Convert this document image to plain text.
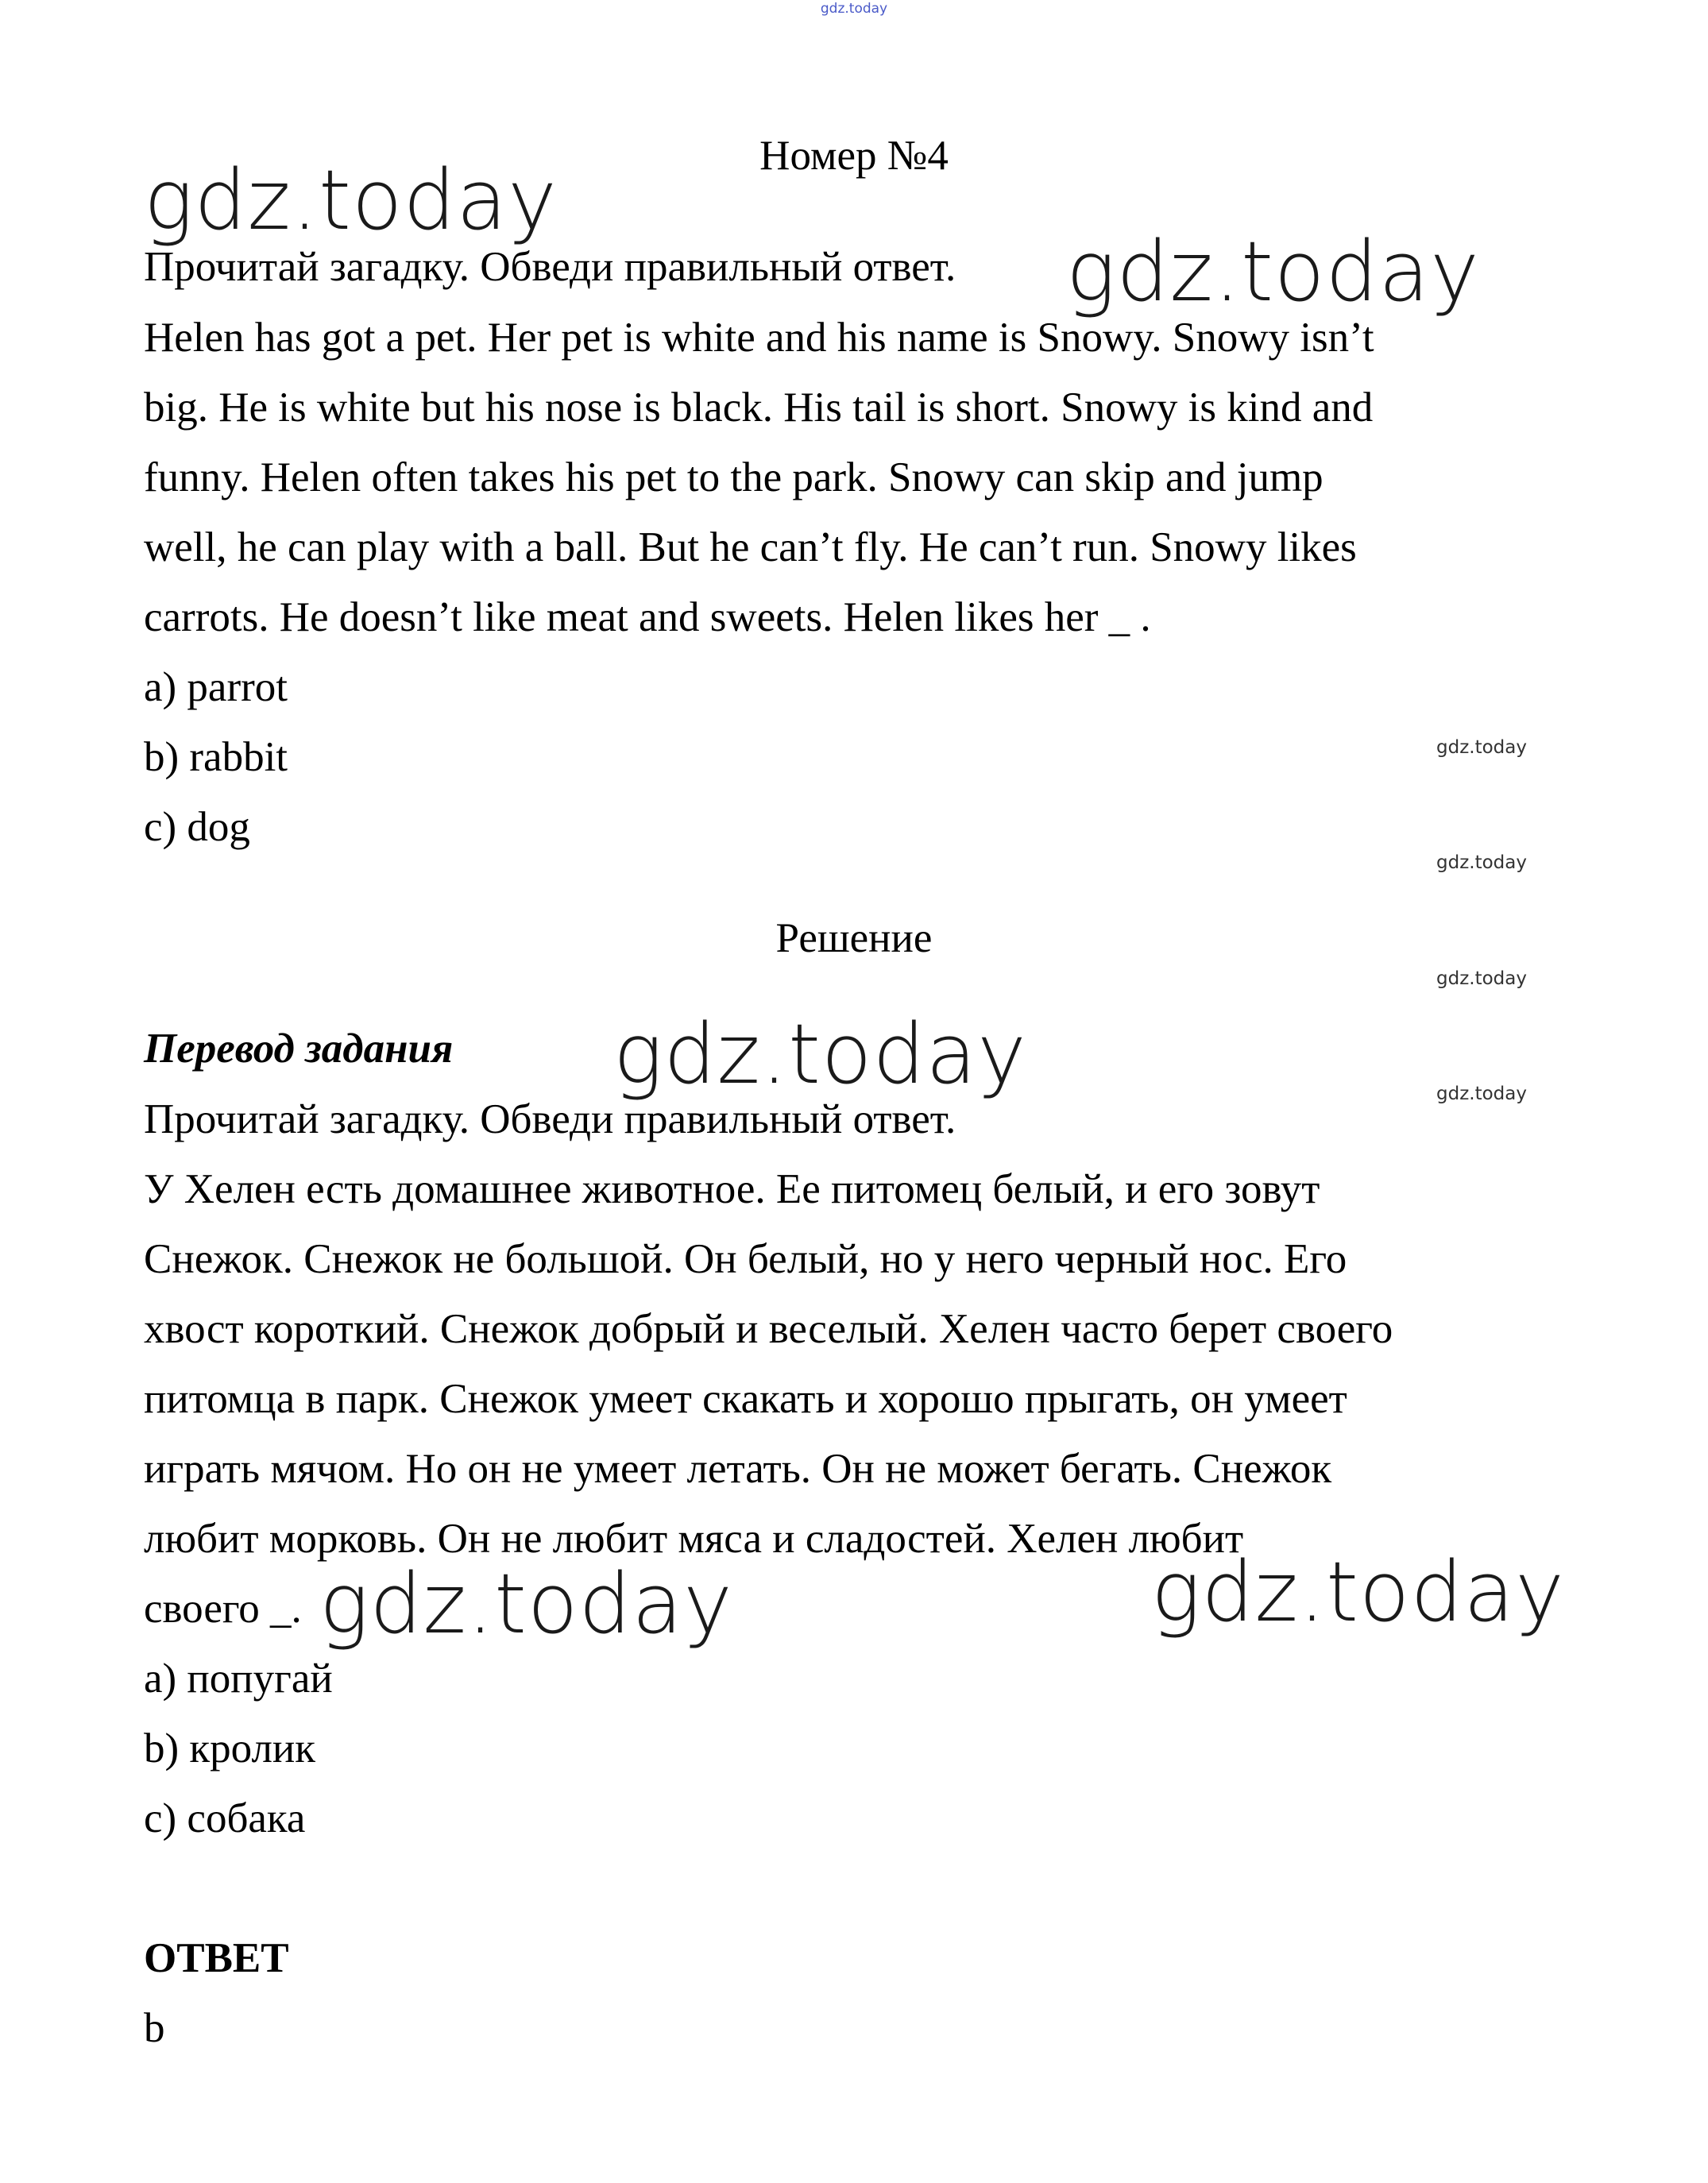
gdz.today
Номер №4
Прочитай загадку. Обведи правильный ответ.
Helen has got a pet. Her pet is white and his name is Snowy. Snowy isn’t
big. He is white but his nose is black. His tail is short. Snowy is kind and
funny. Helen often takes his pet to the park. Snowy can skip and jump
well, he can play with a ball. But he can’t fly. He can’t run. Snowy likes
carrots. He doesn’t like meat and sweets. Helen likes her _ .
a) parrot
b) rabbit
c) dog
Решение
Перевод задания
Прочитай загадку. Обведи правильный ответ.
У Хелен есть домашнее животное. Ее питомец белый, и его зовут
Снежок. Снежок не большой. Он белый, но у него черный нос. Его
хвост короткий. Снежок добрый и веселый. Хелен часто берет своего
питомца в парк. Снежок умеет скакать и хорошо прыгать, он умеет
играть мячом. Но он не умеет летать. Он не может бегать. Снежок
любит морковь. Он не любит мяса и сладостей. Хелен любит
своего _.
a) попугай
b) кролик
c) собака
ОТВЕТ
b
gdz.today
gdz.today
gdz.today
gdz.today	gdz.today
gdz.today
gdz.today
gdz.today
gdz.today
